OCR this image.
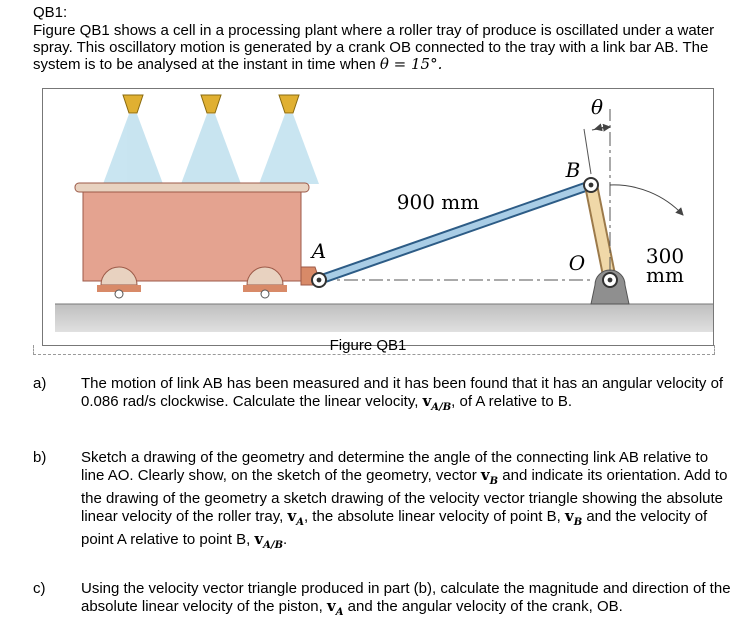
QB1:
Figure QB1 shows a cell in a processing plant where a roller tray of produce is oscillated under a water spray. This oscillatory motion is generated by a crank OB connected to the tray with a link bar AB. The system is to be analysed at the instant in time when θ = 15°.
θ
B
A	O
900 mm
300
mm
Figure QB1
a) The motion of link AB has been measured and it has been found that it has an angular velocity of 0.086 rad/s clockwise. Calculate the linear velocity, $v_{A/B}$, of A relative to B.
b) Sketch a drawing of the geometry and determine the angle of the connecting link AB relative to line AO. Clearly show, on the sketch of the geometry, vector $v_B$ and indicate its orientation. Add to the drawing of the geometry a sketch drawing of the velocity vector triangle showing the absolute linear velocity of the roller tray, $v_A$, the absolute linear velocity of point B, $v_B$ and the velocity of point A relative to point B, $v_{A/B}$.
c) Using the velocity vector triangle produced in part (b), calculate the magnitude and direction of the absolute linear velocity of the piston, $v_A$ and the angular velocity of the crank, OB.
